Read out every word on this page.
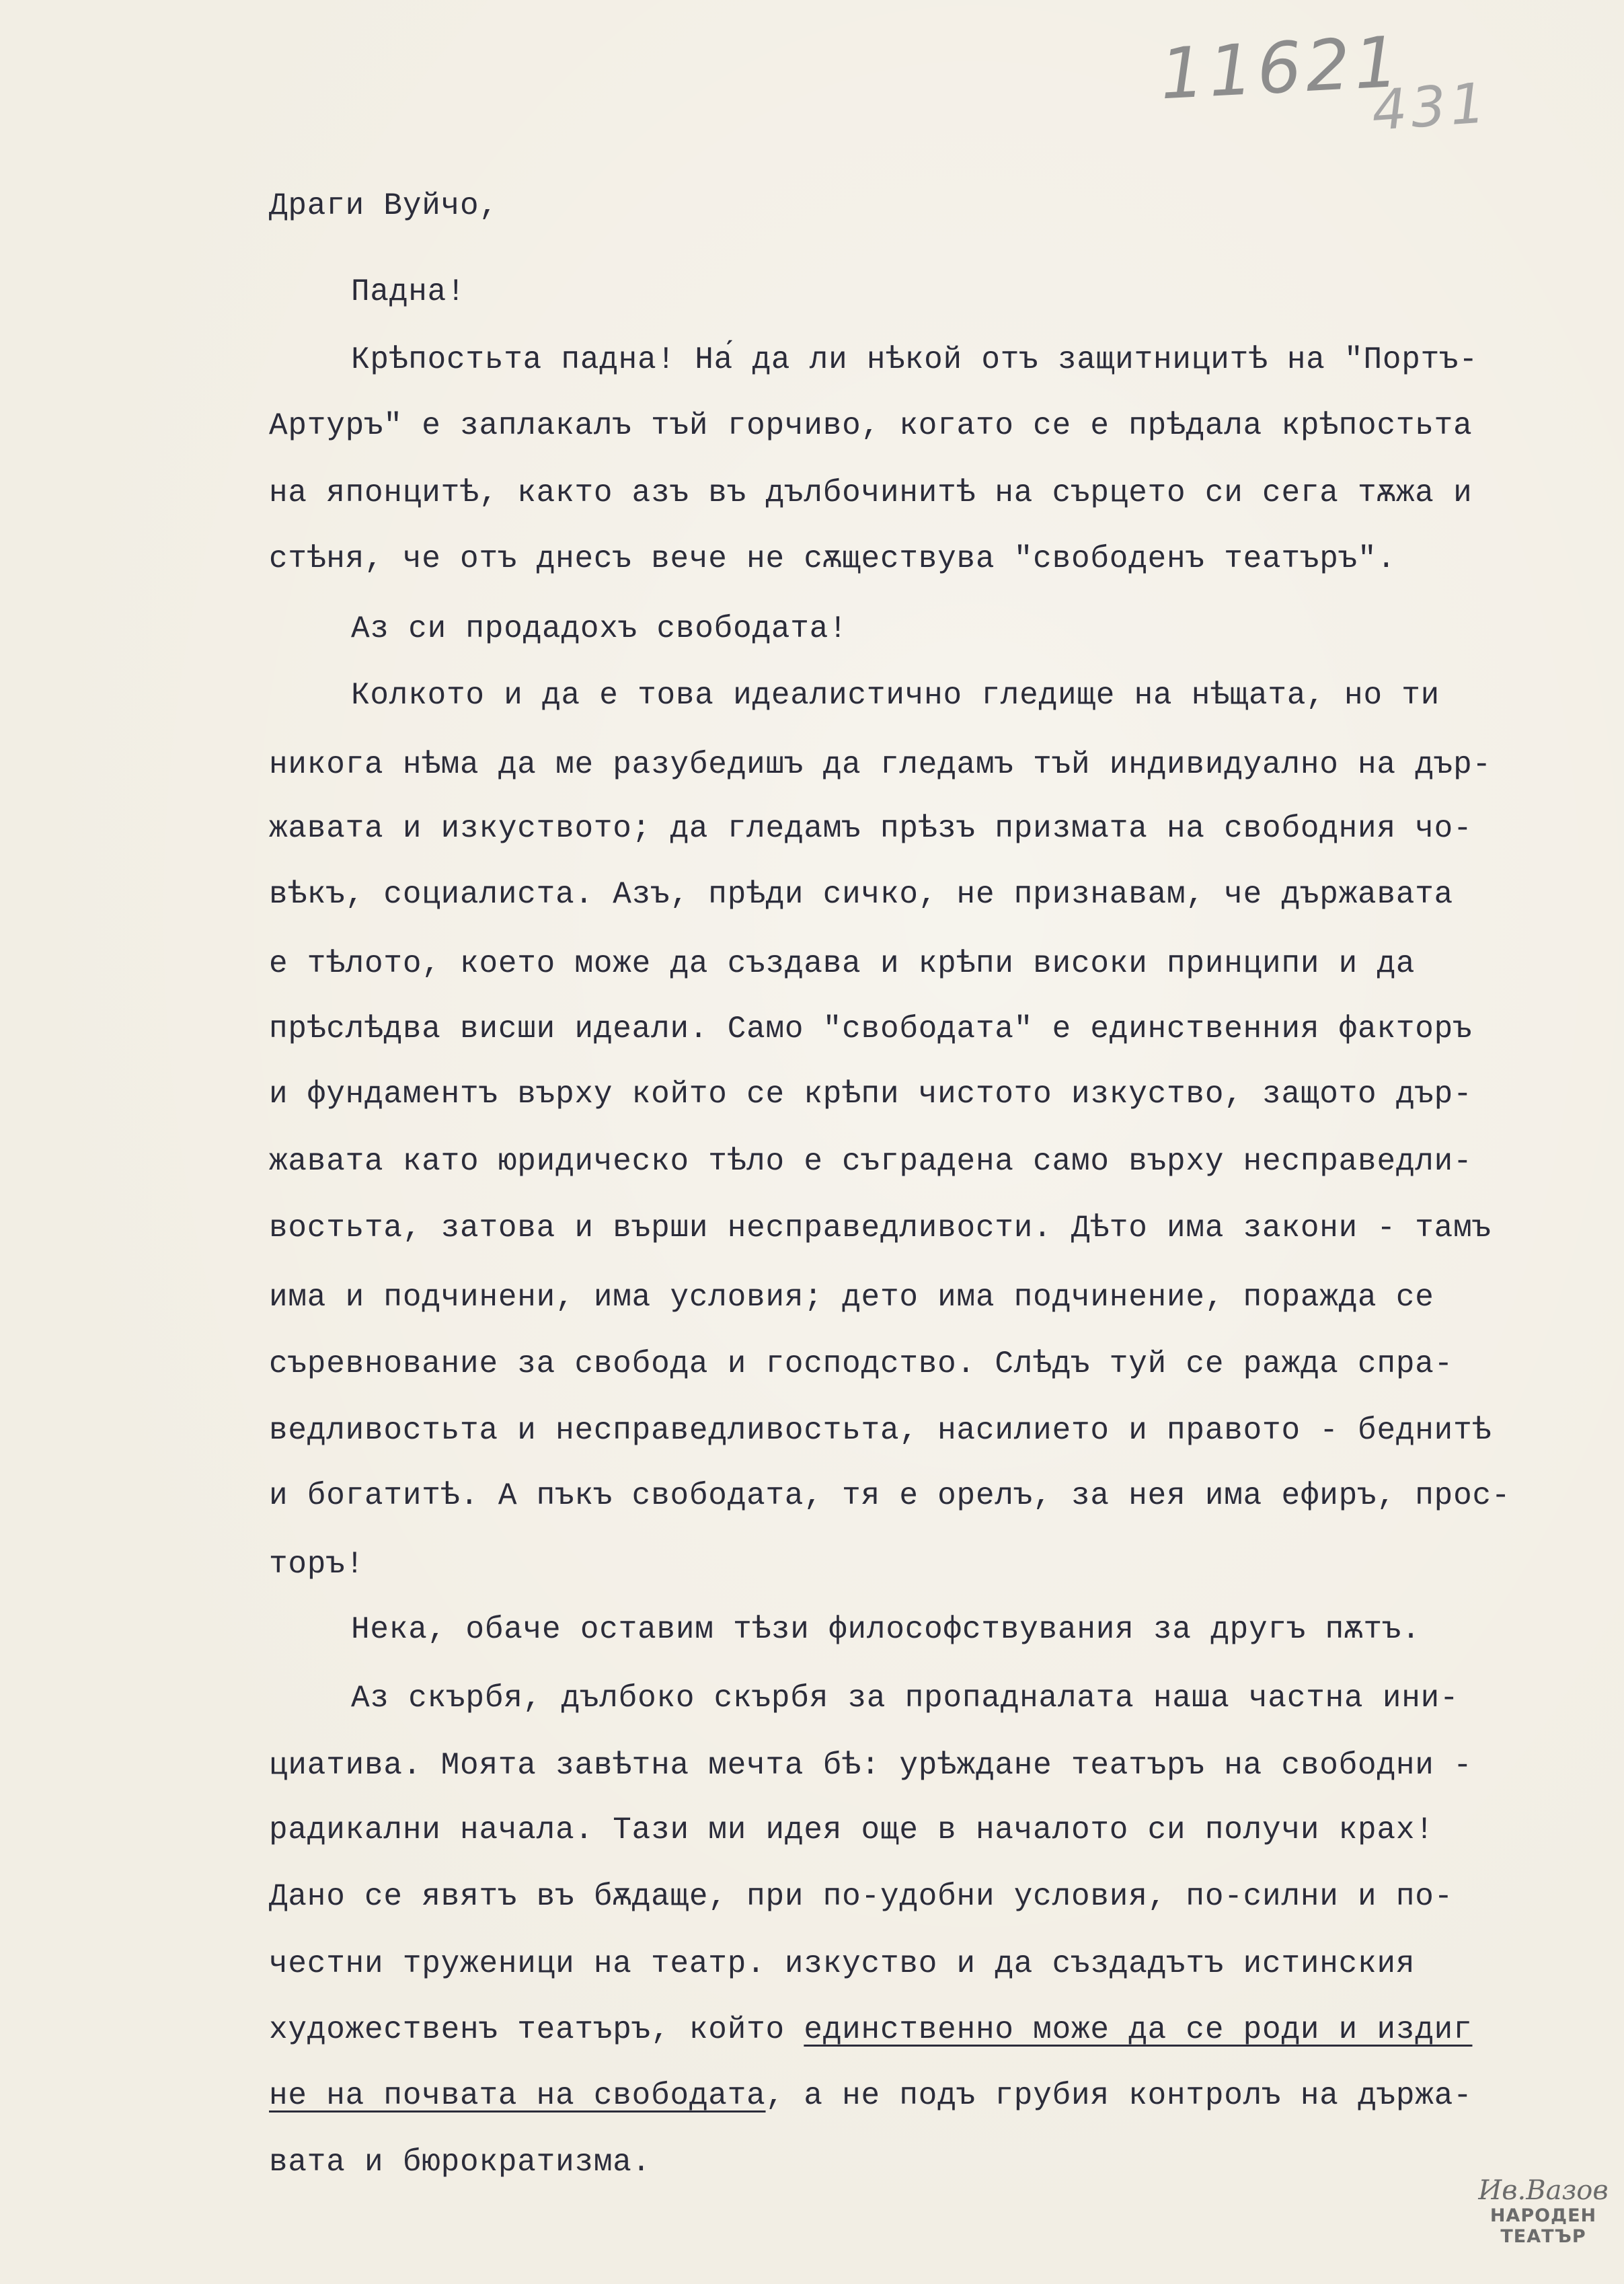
11621
431
Драги Вуйчо,
Падна!
Крѣпостьта падна! На́ да ли нѣкой отъ защитницитѣ на "Портъ-
Артуръ" е заплакалъ тъй горчиво, когато се е прѣдала крѣпостьта
на японцитѣ, както азъ въ дълбочинитѣ на сърцето си сега тѫжа и
стѣня, че отъ днесъ вече не сѫществува "свободенъ театъръ".
Аз си продадохъ свободата!
Колкото и да е това идеалистично гледище на нѣщата, но ти
никога нѣма да ме разубедишъ да гледамъ тъй индивидуално на дър-
жавата и изкуството; да гледамъ прѣзъ призмата на свободния чо-
вѣкъ, социалиста. Азъ, прѣди сичко, не признавам, че държавата
е тѣлото, което може да създава и крѣпи високи принципи и да
прѣслѣдва висши идеали. Само "свободата" е единственния факторъ
и фундаментъ върху който се крѣпи чистото изкуство, защото дър-
жавата като юридическо тѣло е съградена само върху несправедли-
востьта, затова и върши несправедливости. Дѣто има закони - тамъ
има и подчинени, има условия; дето има подчинение, поражда се
съревнование за свобода и господство. Слѣдъ туй се ражда спра-
ведливостьта и несправедливостьта, насилието и правото - беднитѣ
и богатитѣ. А пъкъ свободата, тя е орелъ, за нея има ефиръ, прос-
торъ!
Нека, обаче оставим тѣзи философствувания за другъ пѫтъ.
Аз скърбя, дълбоко скърбя за пропадналата наша частна ини-
циатива. Моята завѣтна мечта бѣ: урѣждане театъръ на свободни -
радикални начала. Тази ми идея още в началото си получи крах!
Дано се явятъ въ бѫдаще, при по-удобни условия, по-силни и по-
честни труженици на театр. изкуство и да създадътъ истинския
художественъ театъръ, който единственно може да се роди и издиг
не на почвата на свободата, а не подъ грубия контролъ на държа-
вата и бюрократизма.
Ив.Вазов
НАРОДЕН
ТЕАТЪР
